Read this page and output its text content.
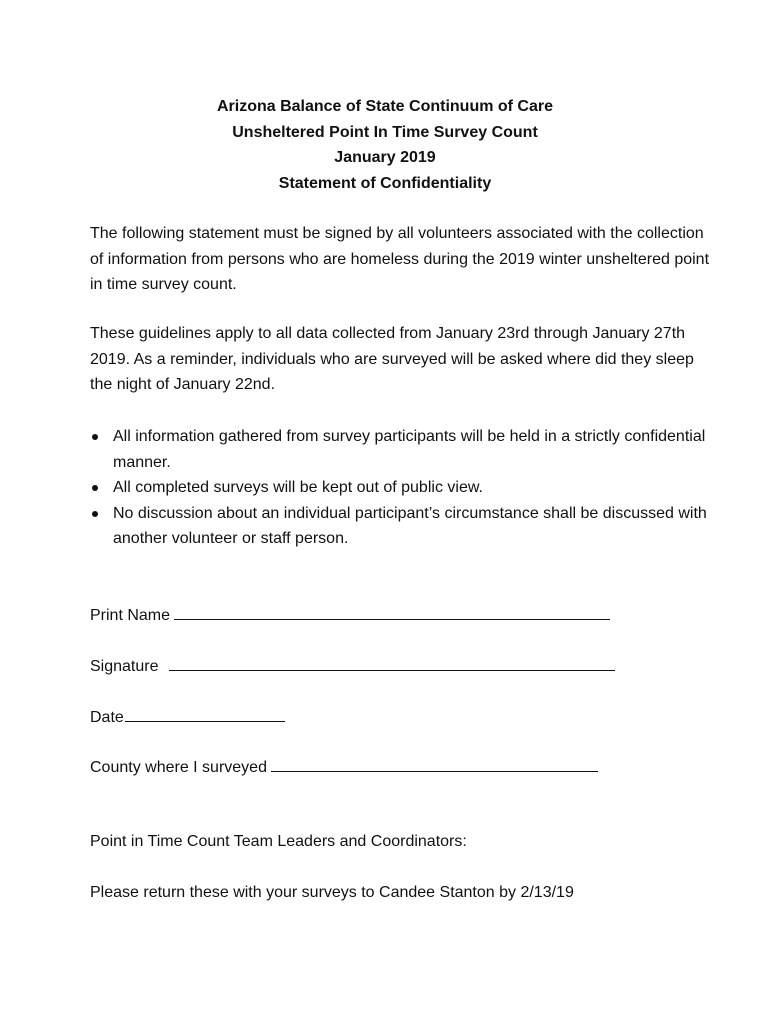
Arizona Balance of State Continuum of Care
Unsheltered Point In Time Survey Count
January 2019
Statement of Confidentiality

The following statement must be signed by all volunteers associated with the collection of information from persons who are homeless during the 2019 winter unsheltered point in time survey count.

These guidelines apply to all data collected from January 23rd through January 27th 2019. As a reminder, individuals who are surveyed will be asked where did they sleep the night of January 22nd.

All information gathered from survey participants will be held in a strictly confidential manner.
All completed surveys will be kept out of public view.
No discussion about an individual participant’s circumstance shall be discussed with another volunteer or staff person.
Print Name
Signature
Date
County where I surveyed
Point in Time Count Team Leaders and Coordinators:
Please return these with your surveys to Candee Stanton by 2/13/19
